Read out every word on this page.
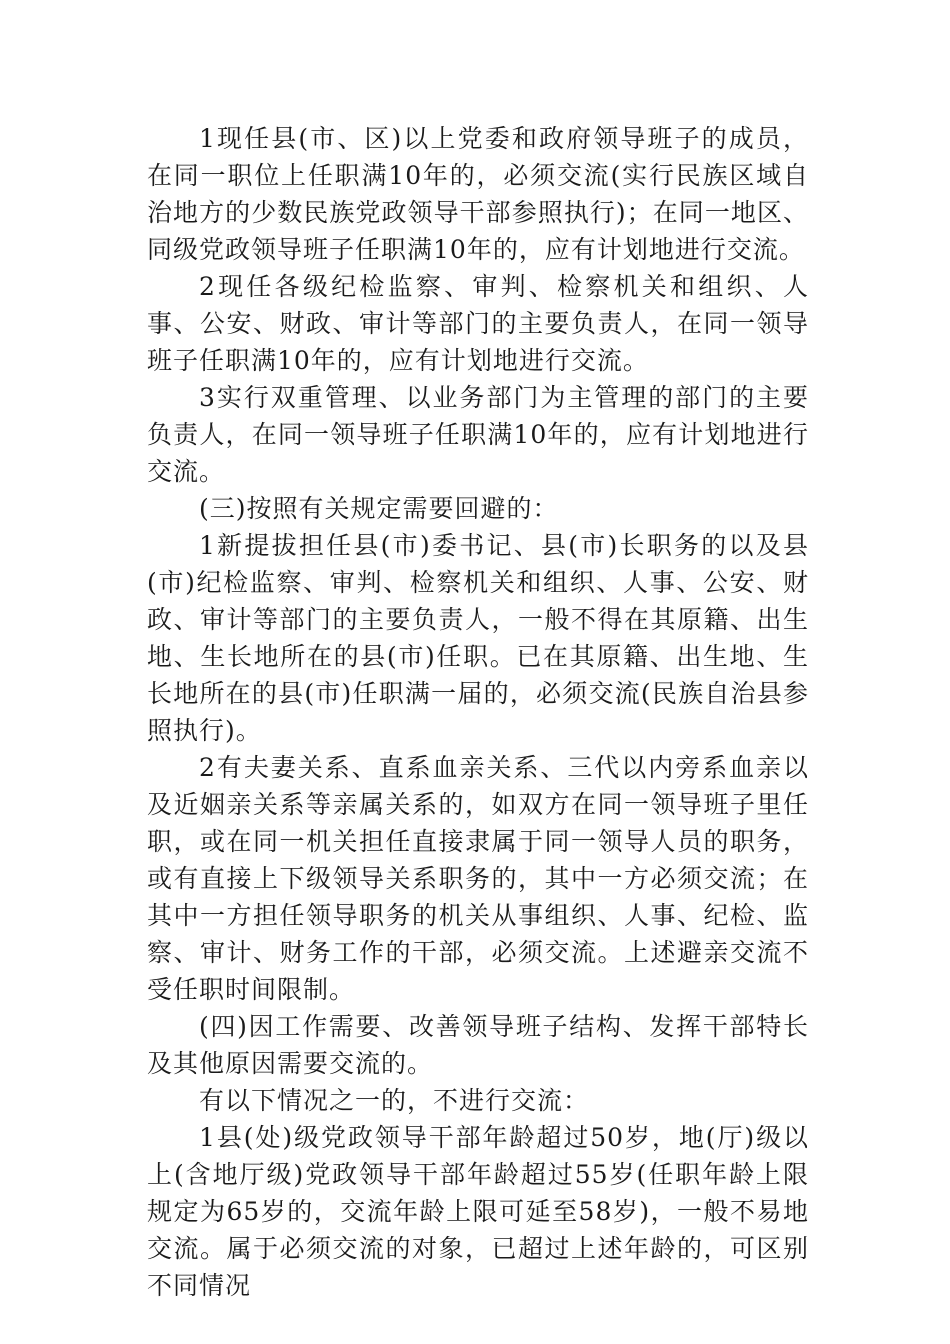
1现任县(市、区)以上党委和政府领导班子的成员，在同一职位上任职满10年的，必须交流(实行民族区域自治地方的少数民族党政领导干部参照执行)；在同一地区、同级党政领导班子任职满10年的，应有计划地进行交流。

2现任各级纪检监察、审判、检察机关和组织、人事、公安、财政、审计等部门的主要负责人，在同一领导班子任职满10年的，应有计划地进行交流。

3实行双重管理、以业务部门为主管理的部门的主要负责人，在同一领导班子任职满10年的，应有计划地进行交流。

(三)按照有关规定需要回避的：

1新提拔担任县(市)委书记、县(市)长职务的以及县(市)纪检监察、审判、检察机关和组织、人事、公安、财政、审计等部门的主要负责人，一般不得在其原籍、出生地、生长地所在的县(市)任职。已在其原籍、出生地、生长地所在的县(市)任职满一届的，必须交流(民族自治县参照执行)。

2有夫妻关系、直系血亲关系、三代以内旁系血亲以及近姻亲关系等亲属关系的，如双方在同一领导班子里任职，或在同一机关担任直接隶属于同一领导人员的职务，或有直接上下级领导关系职务的，其中一方必须交流；在其中一方担任领导职务的机关从事组织、人事、纪检、监察、审计、财务工作的干部，必须交流。上述避亲交流不受任职时间限制。

(四)因工作需要、改善领导班子结构、发挥干部特长及其他原因需要交流的。

有以下情况之一的，不进行交流：

1县(处)级党政领导干部年龄超过50岁，地(厅)级以上(含地厅级)党政领导干部年龄超过55岁(任职年龄上限规定为65岁的，交流年龄上限可延至58岁)，一般不易地交流。属于必须交流的对象，已超过上述年龄的，可区别不同情况
